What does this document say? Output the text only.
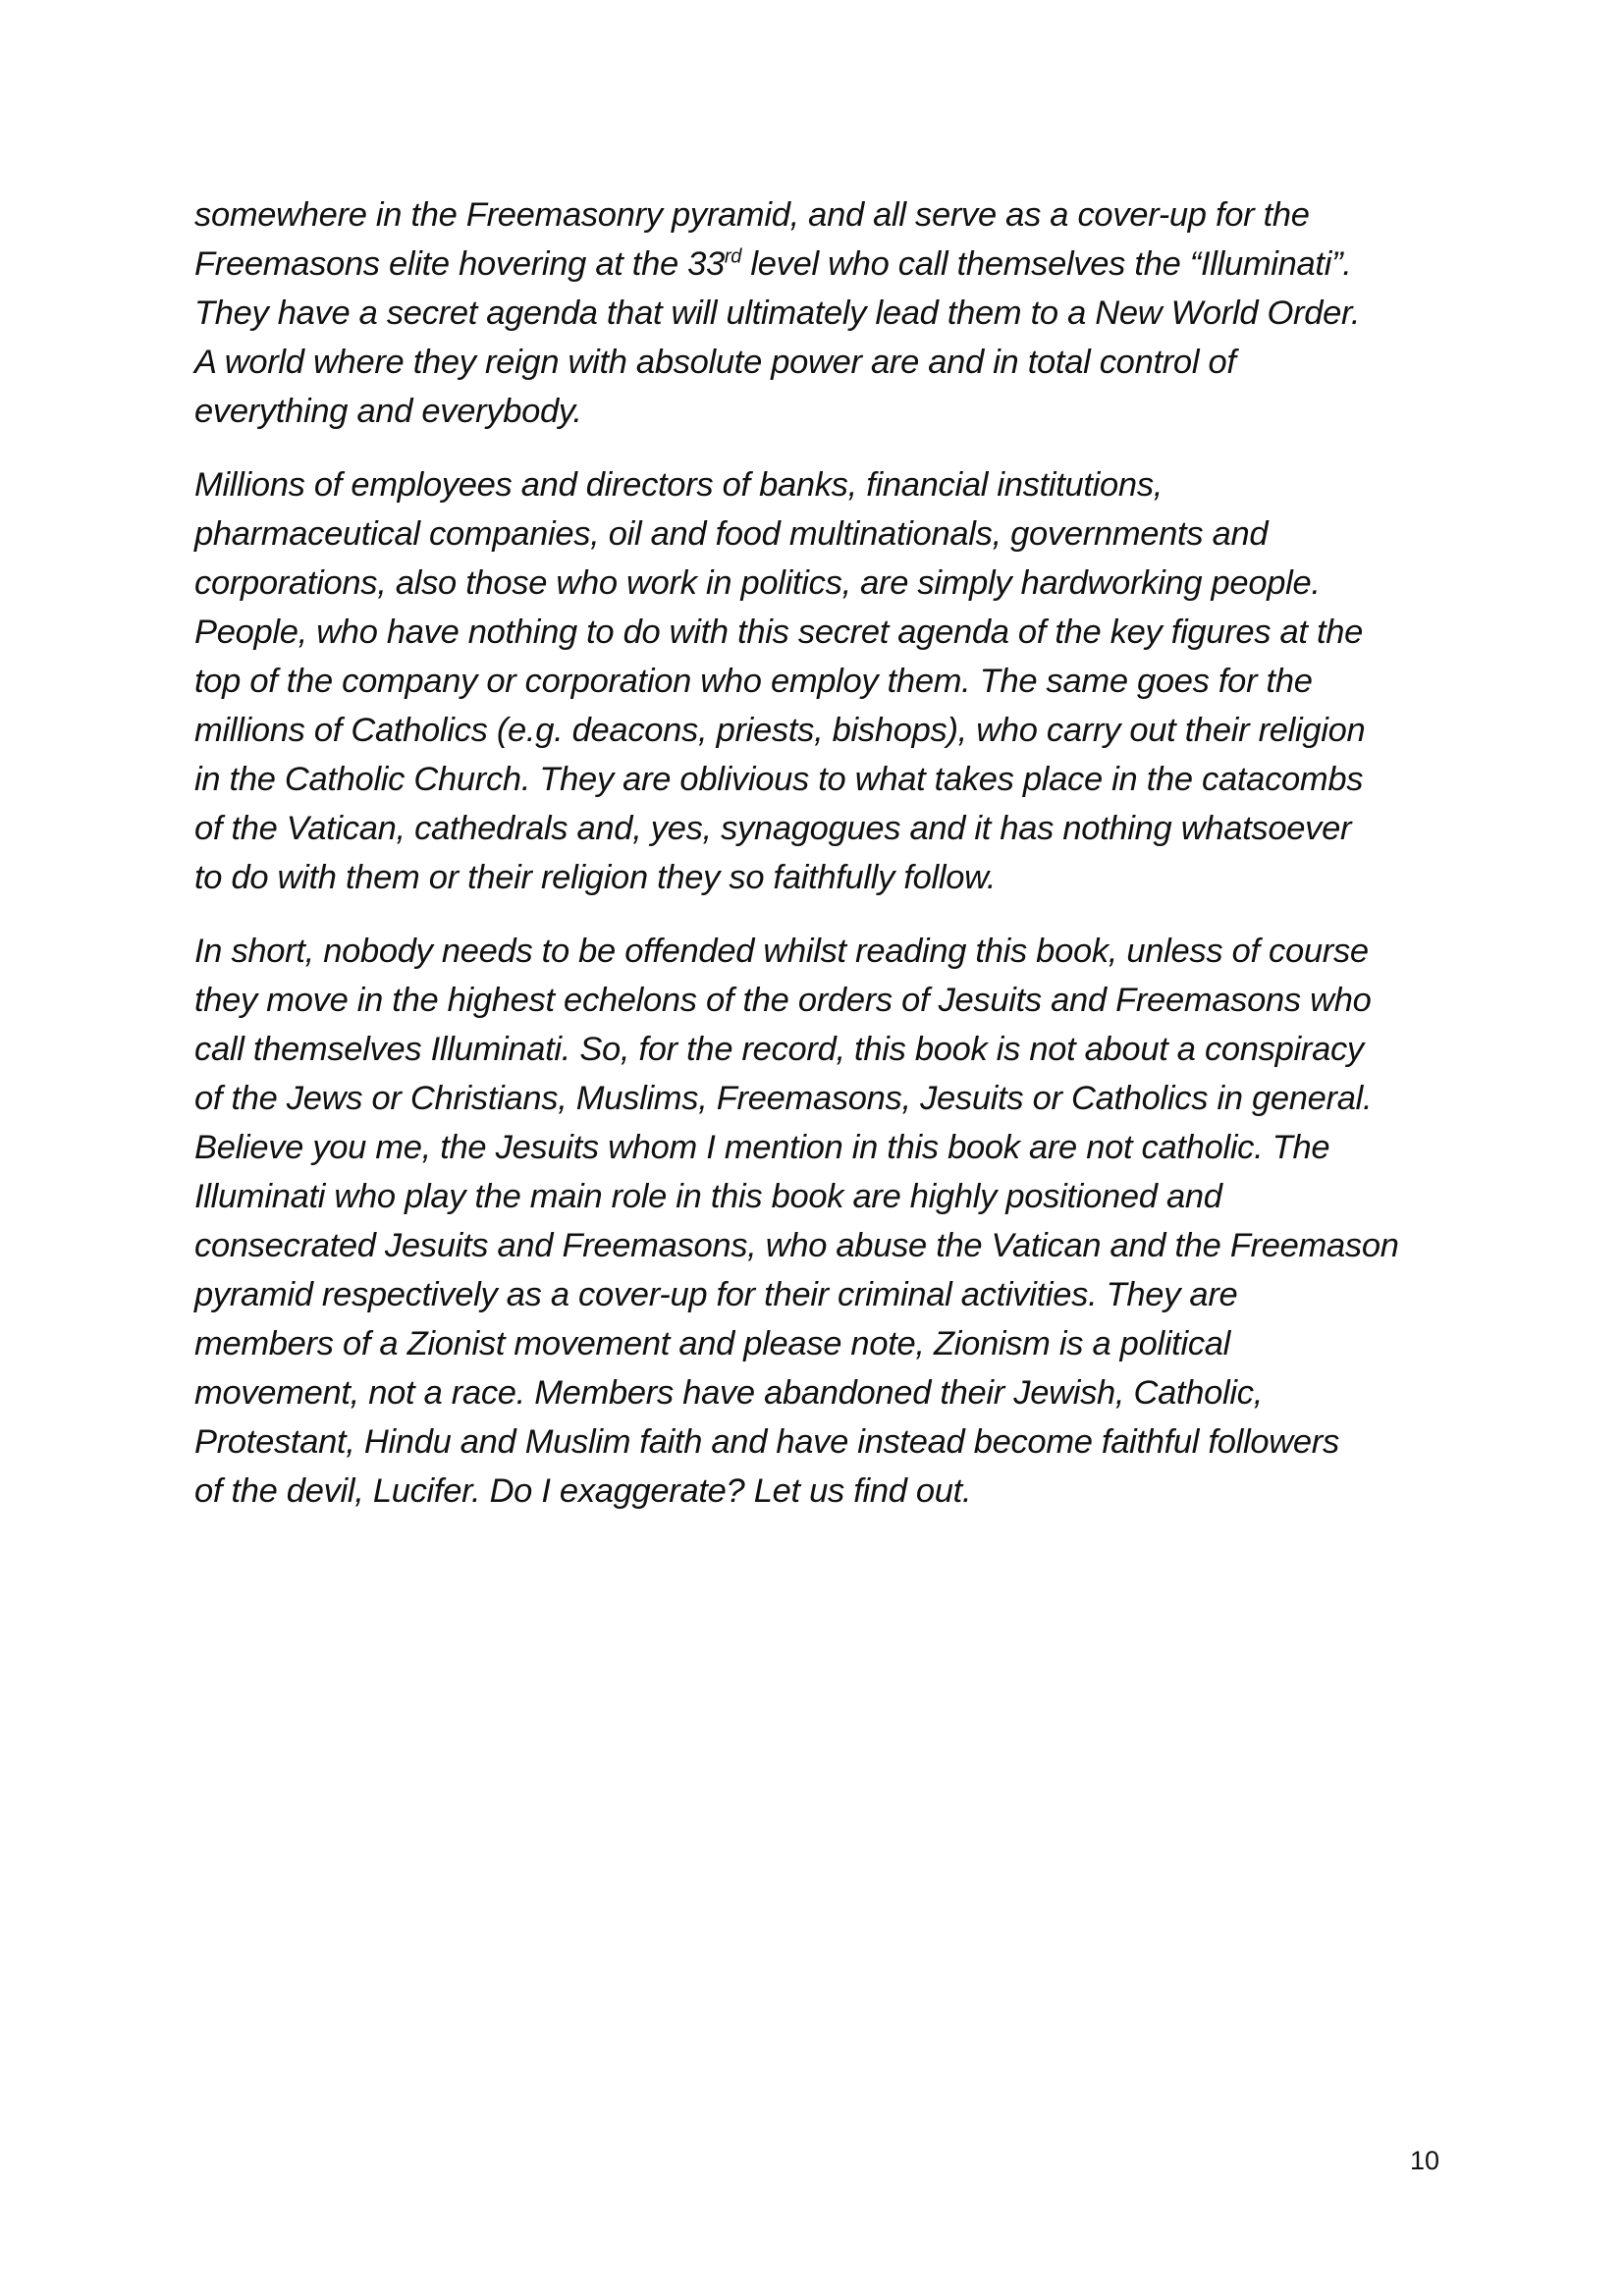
somewhere in the Freemasonry pyramid, and all serve as a cover-up for the
Freemasons elite hovering at the 33rd level who call themselves the “Illuminati”.
They have a secret agenda that will ultimately lead them to a New World Order.
A world where they reign with absolute power are and in total control of
everything and everybody.

Millions of employees and directors of banks, financial institutions,
pharmaceutical companies, oil and food multinationals, governments and
corporations, also those who work in politics, are simply hardworking people.
People, who have nothing to do with this secret agenda of the key figures at the
top of the company or corporation who employ them. The same goes for the
millions of Catholics (e.g. deacons, priests, bishops), who carry out their religion
in the Catholic Church. They are oblivious to what takes place in the catacombs
of the Vatican, cathedrals and, yes, synagogues and it has nothing whatsoever
to do with them or their religion they so faithfully follow.

In short, nobody needs to be offended whilst reading this book, unless of course
they move in the highest echelons of the orders of Jesuits and Freemasons who
call themselves Illuminati. So, for the record, this book is not about a conspiracy
of the Jews or Christians, Muslims, Freemasons, Jesuits or Catholics in general.
Believe you me, the Jesuits whom I mention in this book are not catholic. The
Illuminati who play the main role in this book are highly positioned and
consecrated Jesuits and Freemasons, who abuse the Vatican and the Freemason
pyramid respectively as a cover-up for their criminal activities. They are
members of a Zionist movement and please note, Zionism is a political
movement, not a race. Members have abandoned their Jewish, Catholic,
Protestant, Hindu and Muslim faith and have instead become faithful followers
of the devil, Lucifer. Do I exaggerate? Let us find out.

10
